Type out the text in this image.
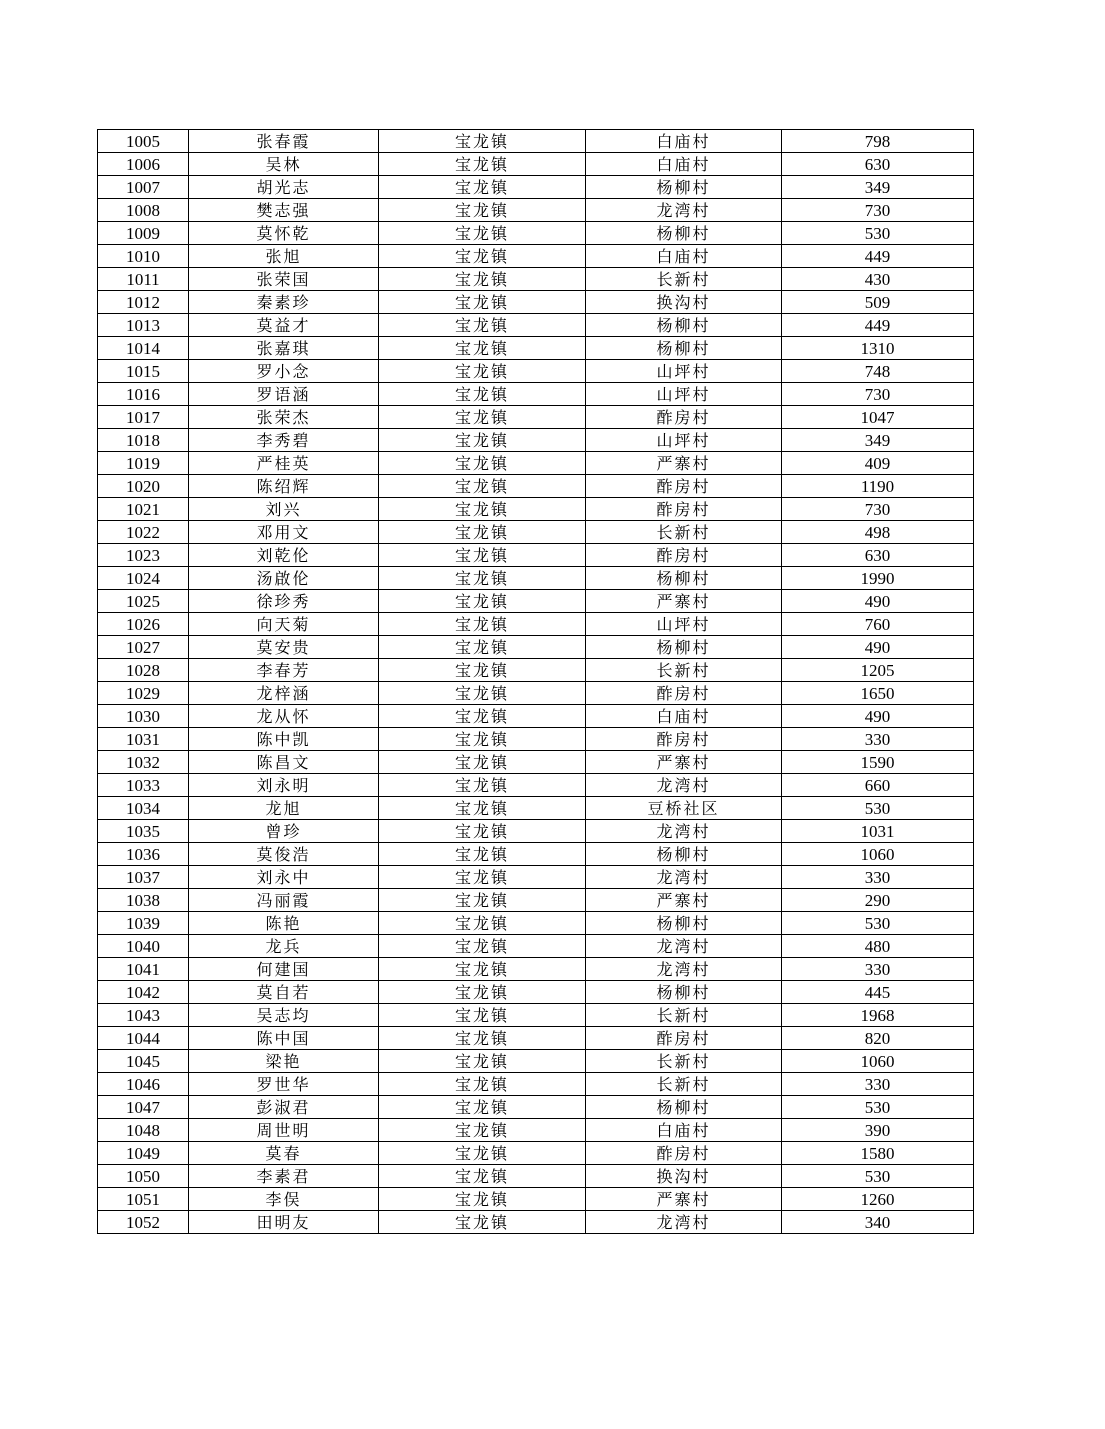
1005	张春霞	宝龙镇	白庙村	798
1006	吴林	宝龙镇	白庙村	630
1007	胡光志	宝龙镇	杨柳村	349
1008	樊志强	宝龙镇	龙湾村	730
1009	莫怀乾	宝龙镇	杨柳村	530
1010	张旭	宝龙镇	白庙村	449
1011	张荣国	宝龙镇	长新村	430
1012	秦素珍	宝龙镇	换沟村	509
1013	莫益才	宝龙镇	杨柳村	449
1014	张嘉琪	宝龙镇	杨柳村	1310
1015	罗小念	宝龙镇	山坪村	748
1016	罗语涵	宝龙镇	山坪村	730
1017	张荣杰	宝龙镇	酢房村	1047
1018	李秀碧	宝龙镇	山坪村	349
1019	严桂英	宝龙镇	严寨村	409
1020	陈绍辉	宝龙镇	酢房村	1190
1021	刘兴	宝龙镇	酢房村	730
1022	邓用文	宝龙镇	长新村	498
1023	刘乾伦	宝龙镇	酢房村	630
1024	汤啟伦	宝龙镇	杨柳村	1990
1025	徐珍秀	宝龙镇	严寨村	490
1026	向天菊	宝龙镇	山坪村	760
1027	莫安贵	宝龙镇	杨柳村	490
1028	李春芳	宝龙镇	长新村	1205
1029	龙梓涵	宝龙镇	酢房村	1650
1030	龙从怀	宝龙镇	白庙村	490
1031	陈中凯	宝龙镇	酢房村	330
1032	陈昌文	宝龙镇	严寨村	1590
1033	刘永明	宝龙镇	龙湾村	660
1034	龙旭	宝龙镇	豆桥社区	530
1035	曾珍	宝龙镇	龙湾村	1031
1036	莫俊浩	宝龙镇	杨柳村	1060
1037	刘永中	宝龙镇	龙湾村	330
1038	冯丽霞	宝龙镇	严寨村	290
1039	陈艳	宝龙镇	杨柳村	530
1040	龙兵	宝龙镇	龙湾村	480
1041	何建国	宝龙镇	龙湾村	330
1042	莫自若	宝龙镇	杨柳村	445
1043	吴志均	宝龙镇	长新村	1968
1044	陈中国	宝龙镇	酢房村	820
1045	梁艳	宝龙镇	长新村	1060
1046	罗世华	宝龙镇	长新村	330
1047	彭淑君	宝龙镇	杨柳村	530
1048	周世明	宝龙镇	白庙村	390
1049	莫春	宝龙镇	酢房村	1580
1050	李素君	宝龙镇	换沟村	530
1051	李俣	宝龙镇	严寨村	1260
1052	田明友	宝龙镇	龙湾村	340
